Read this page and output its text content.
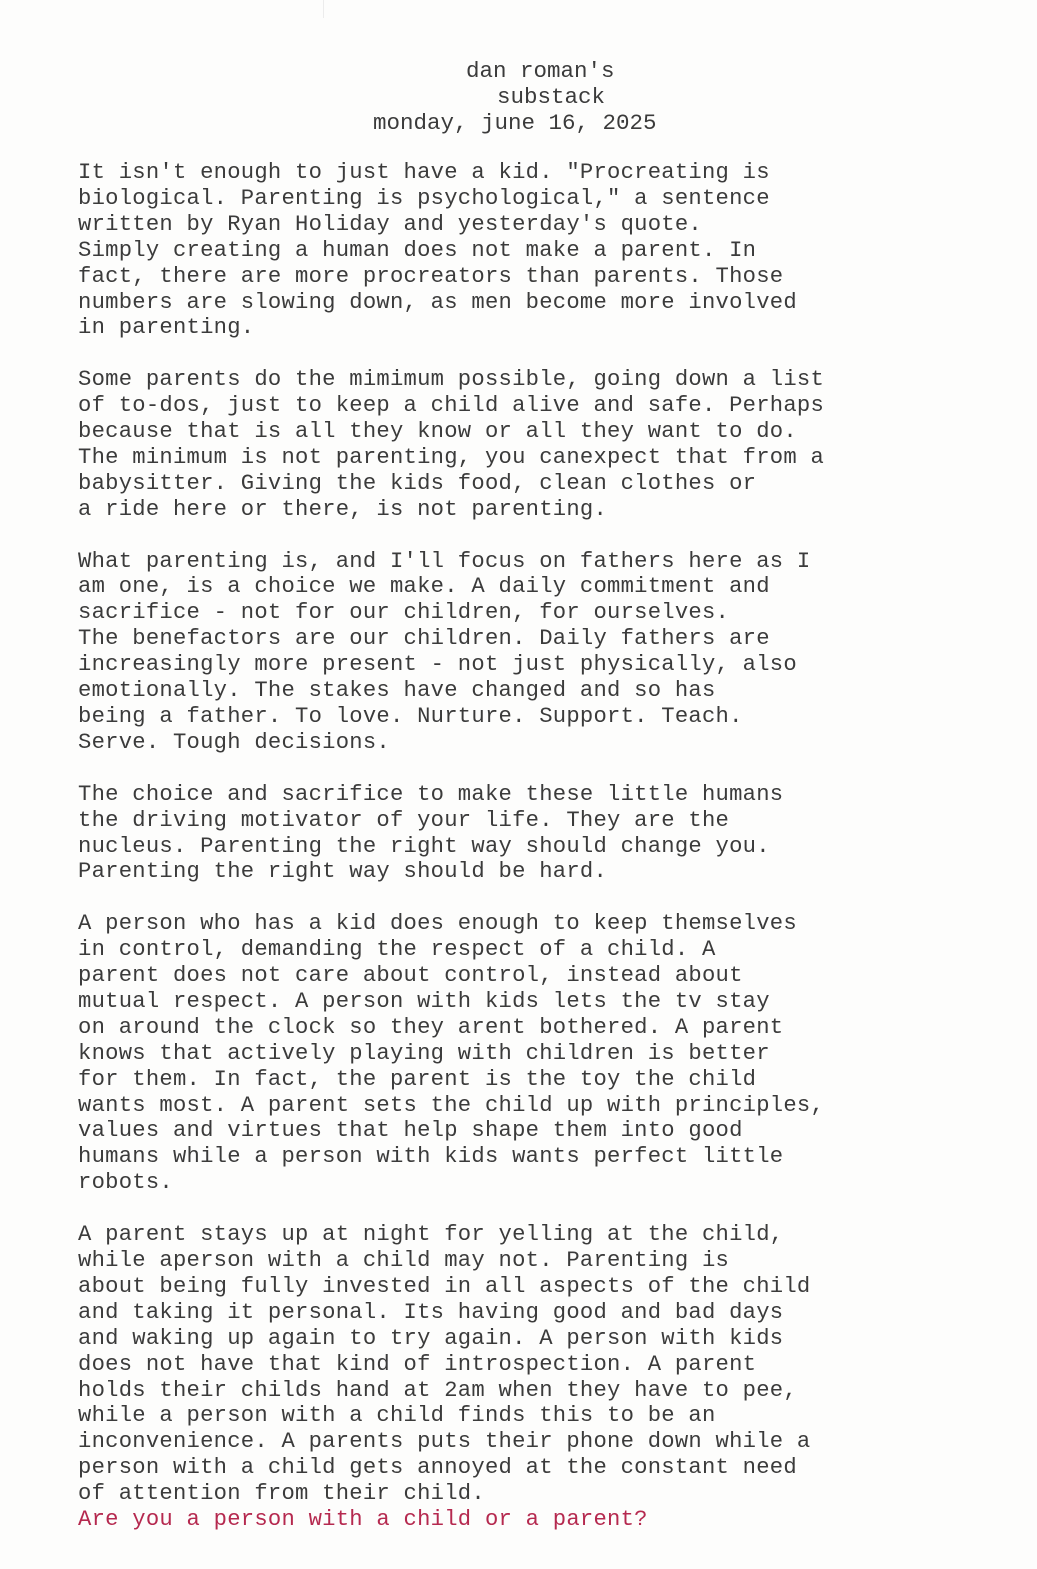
dan roman's
substack
monday, june 16, 2025
It isn't enough to just have a kid. "Procreating is
biological. Parenting is psychological," a sentence
written by Ryan Holiday and yesterday's quote.
Simply creating a human does not make a parent. In
fact, there are more procreators than parents. Those
numbers are slowing down, as men become more involved
in parenting.
Some parents do the mimimum possible, going down a list
of to-dos, just to keep a child alive and safe. Perhaps
because that is all they know or all they want to do.
The minimum is not parenting, you canexpect that from a
babysitter. Giving the kids food, clean clothes or
a ride here or there, is not parenting.
What parenting is, and I'll focus on fathers here as I
am one, is a choice we make. A daily commitment and
sacrifice - not for our children, for ourselves.
The benefactors are our children. Daily fathers are
increasingly more present - not just physically, also
emotionally. The stakes have changed and so has
being a father. To love. Nurture. Support. Teach.
Serve. Tough decisions.
The choice and sacrifice to make these little humans
the driving motivator of your life. They are the
nucleus. Parenting the right way should change you.
Parenting the right way should be hard.
A person who has a kid does enough to keep themselves
in control, demanding the respect of a child. A
parent does not care about control, instead about
mutual respect. A person with kids lets the tv stay
on around the clock so they arent bothered. A parent
knows that actively playing with children is better
for them. In fact, the parent is the toy the child
wants most. A parent sets the child up with principles,
values and virtues that help shape them into good
humans while a person with kids wants perfect little
robots.
A parent stays up at night for yelling at the child,
while aperson with a child may not. Parenting is
about being fully invested in all aspects of the child
and taking it personal. Its having good and bad days
and waking up again to try again. A person with kids
does not have that kind of introspection. A parent
holds their childs hand at 2am when they have to pee,
while a person with a child finds this to be an
inconvenience. A parents puts their phone down while a
person with a child gets annoyed at the constant need
of attention from their child.
Are you a person with a child or a parent?
